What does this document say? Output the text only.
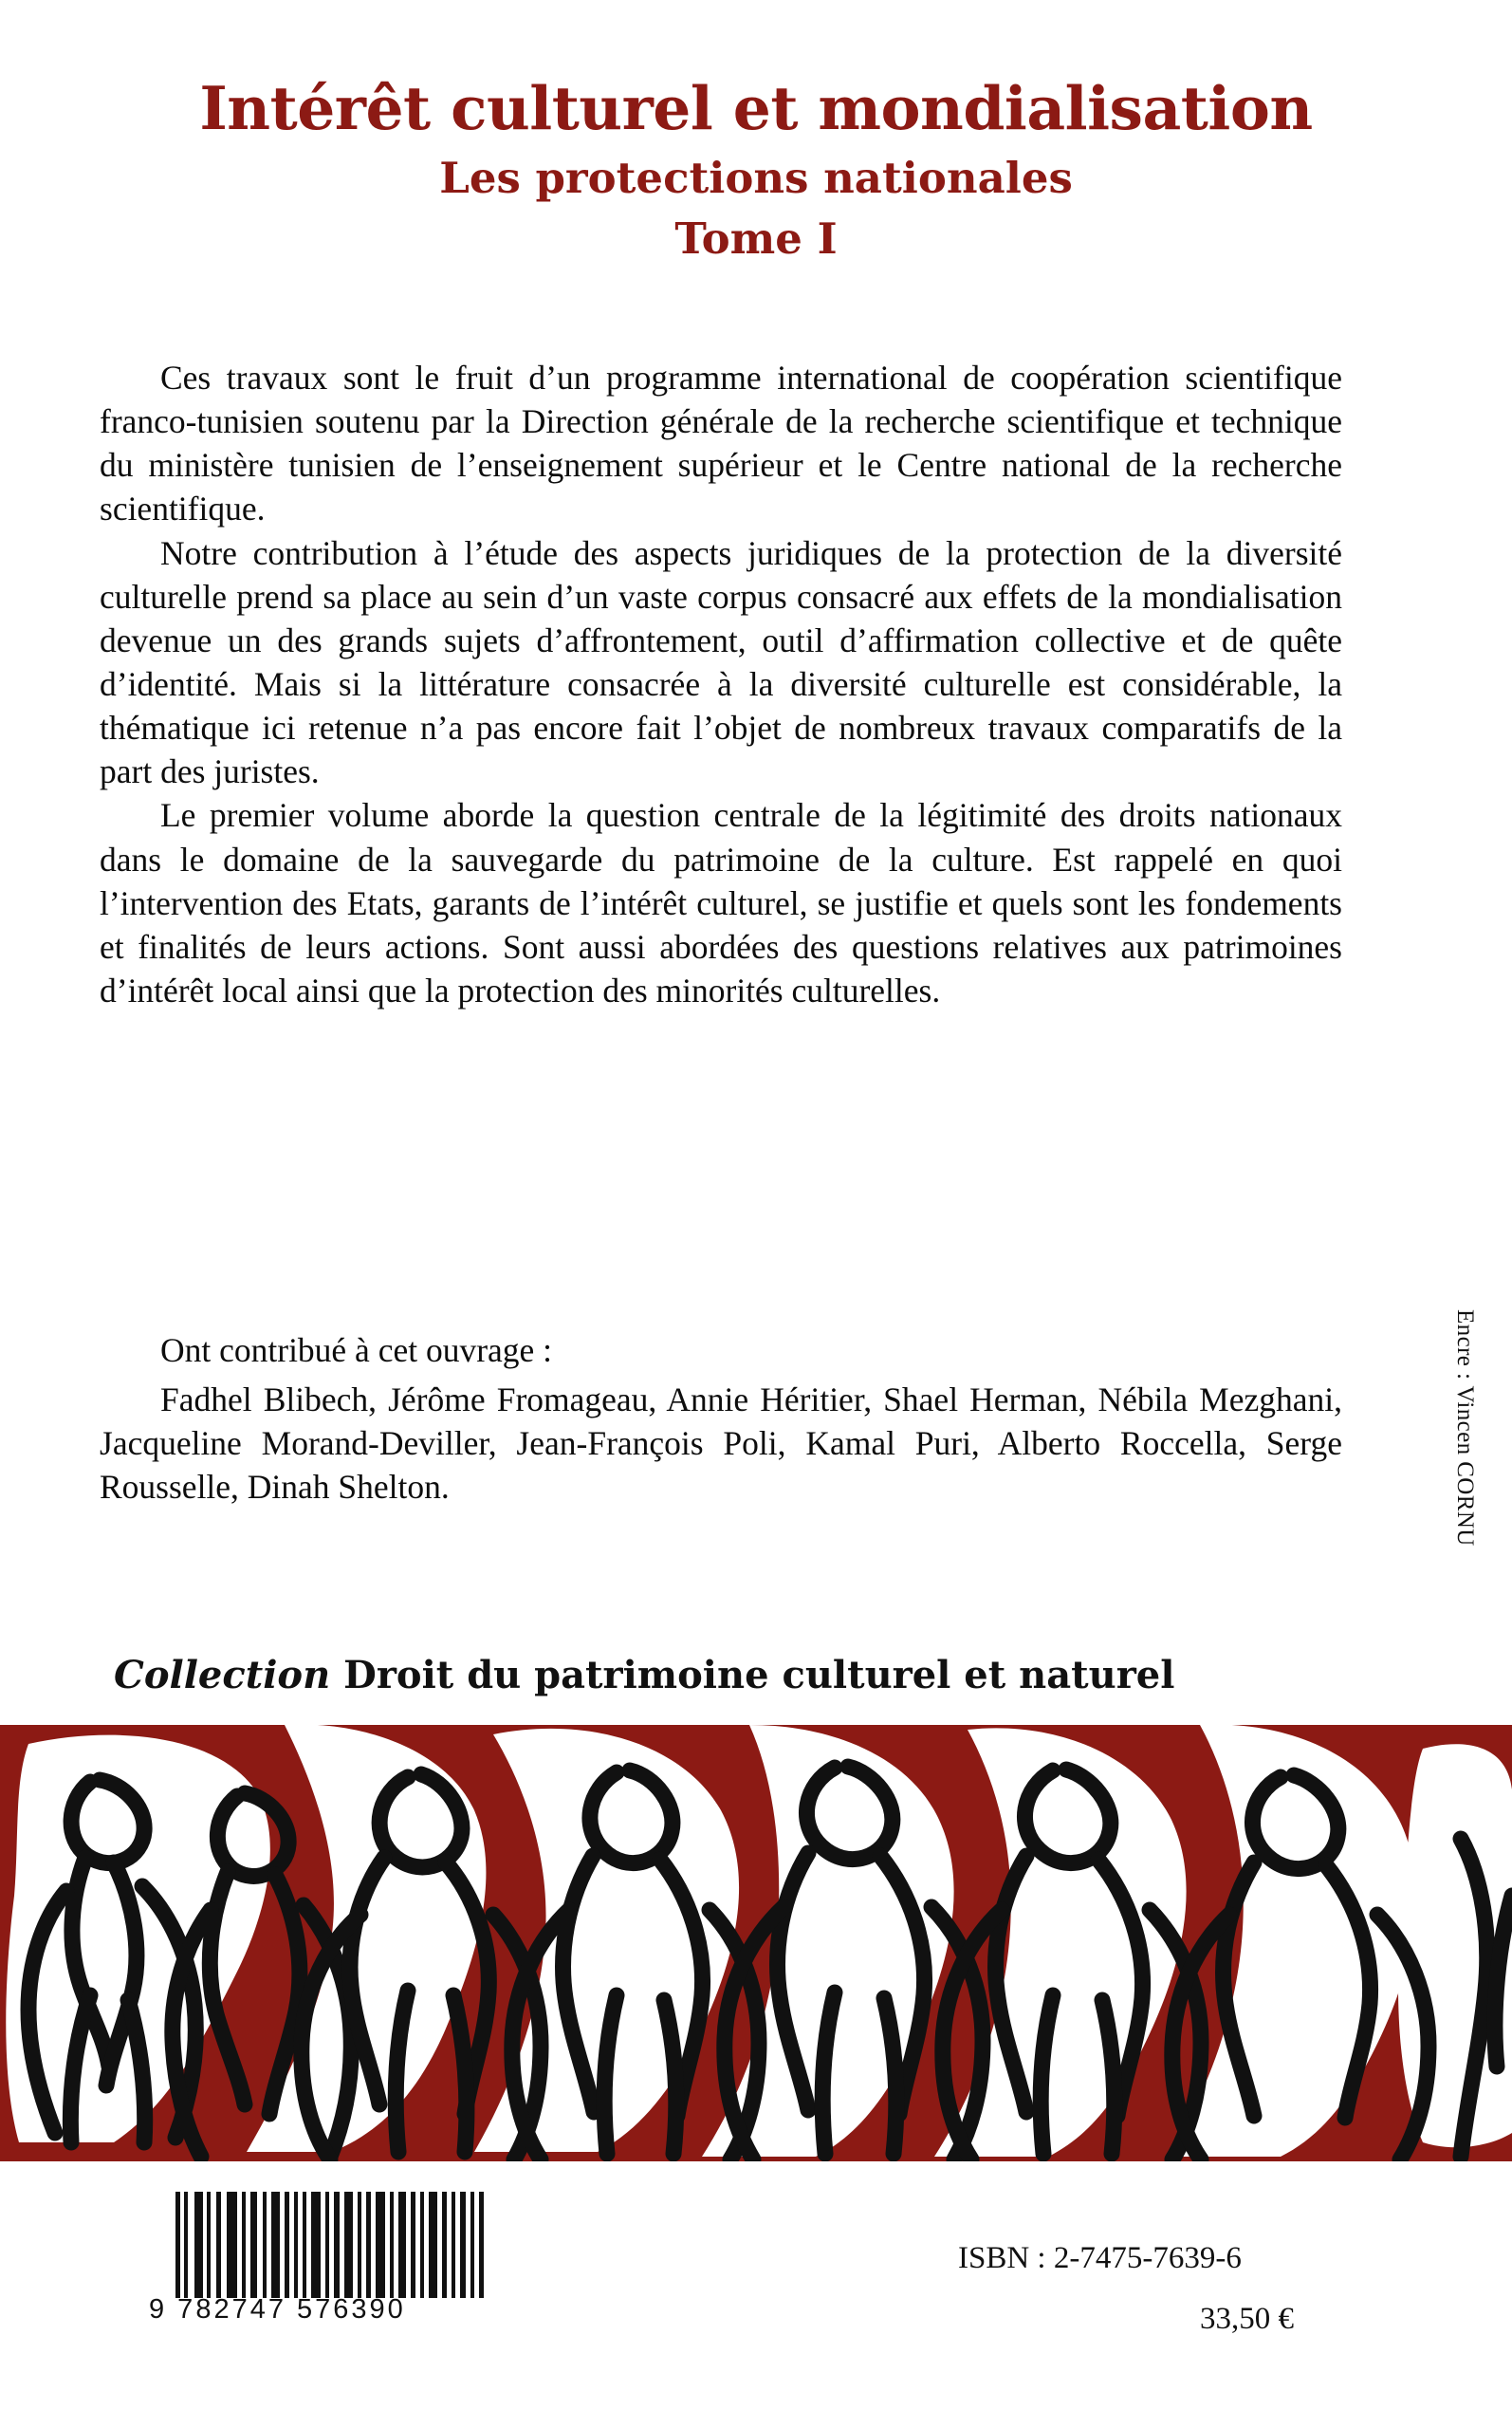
Intérêt culturel et mondialisation
Les protections nationales
Tome I

Ces travaux sont le fruit d’un programme international de coopération scientifique franco-tunisien soutenu par la Direction générale de la recherche scientifique et technique du ministère tunisien de l’enseignement supérieur et le Centre national de la recherche scientifique.

Notre contribution à l’étude des aspects juridiques de la protection de la diversité culturelle prend sa place au sein d’un vaste corpus consacré aux effets de la mondialisation devenue un des grands sujets d’affrontement, outil d’affirmation collective et de quête d’identité. Mais si la littérature consacrée à la diversité culturelle est considérable, la thématique ici retenue n’a pas encore fait l’objet de nombreux travaux comparatifs de la part des juristes.

Le premier volume aborde la question centrale de la légitimité des droits nationaux dans le domaine de la sauvegarde du patrimoine de la culture. Est rappelé en quoi l’intervention des Etats, garants de l’intérêt culturel, se justifie et quels sont les fondements et finalités de leurs actions. Sont aussi abordées des questions relatives aux patrimoines d’intérêt local ainsi que la protection des minorités culturelles.

Ont contribué à cet ouvrage :

Fadhel Blibech, Jérôme Fromageau, Annie Héritier, Shael Herman, Nébila Mezghani, Jacqueline Morand-Deviller, Jean-François Poli, Kamal Puri, Alberto Roccella, Serge Rousselle, Dinah Shelton.	Encre : Vincen CORNU
Collection Droit du patrimoine culturel et naturel
9 782747 576390
ISBN : 2-7475-7639-6
33,50 €
